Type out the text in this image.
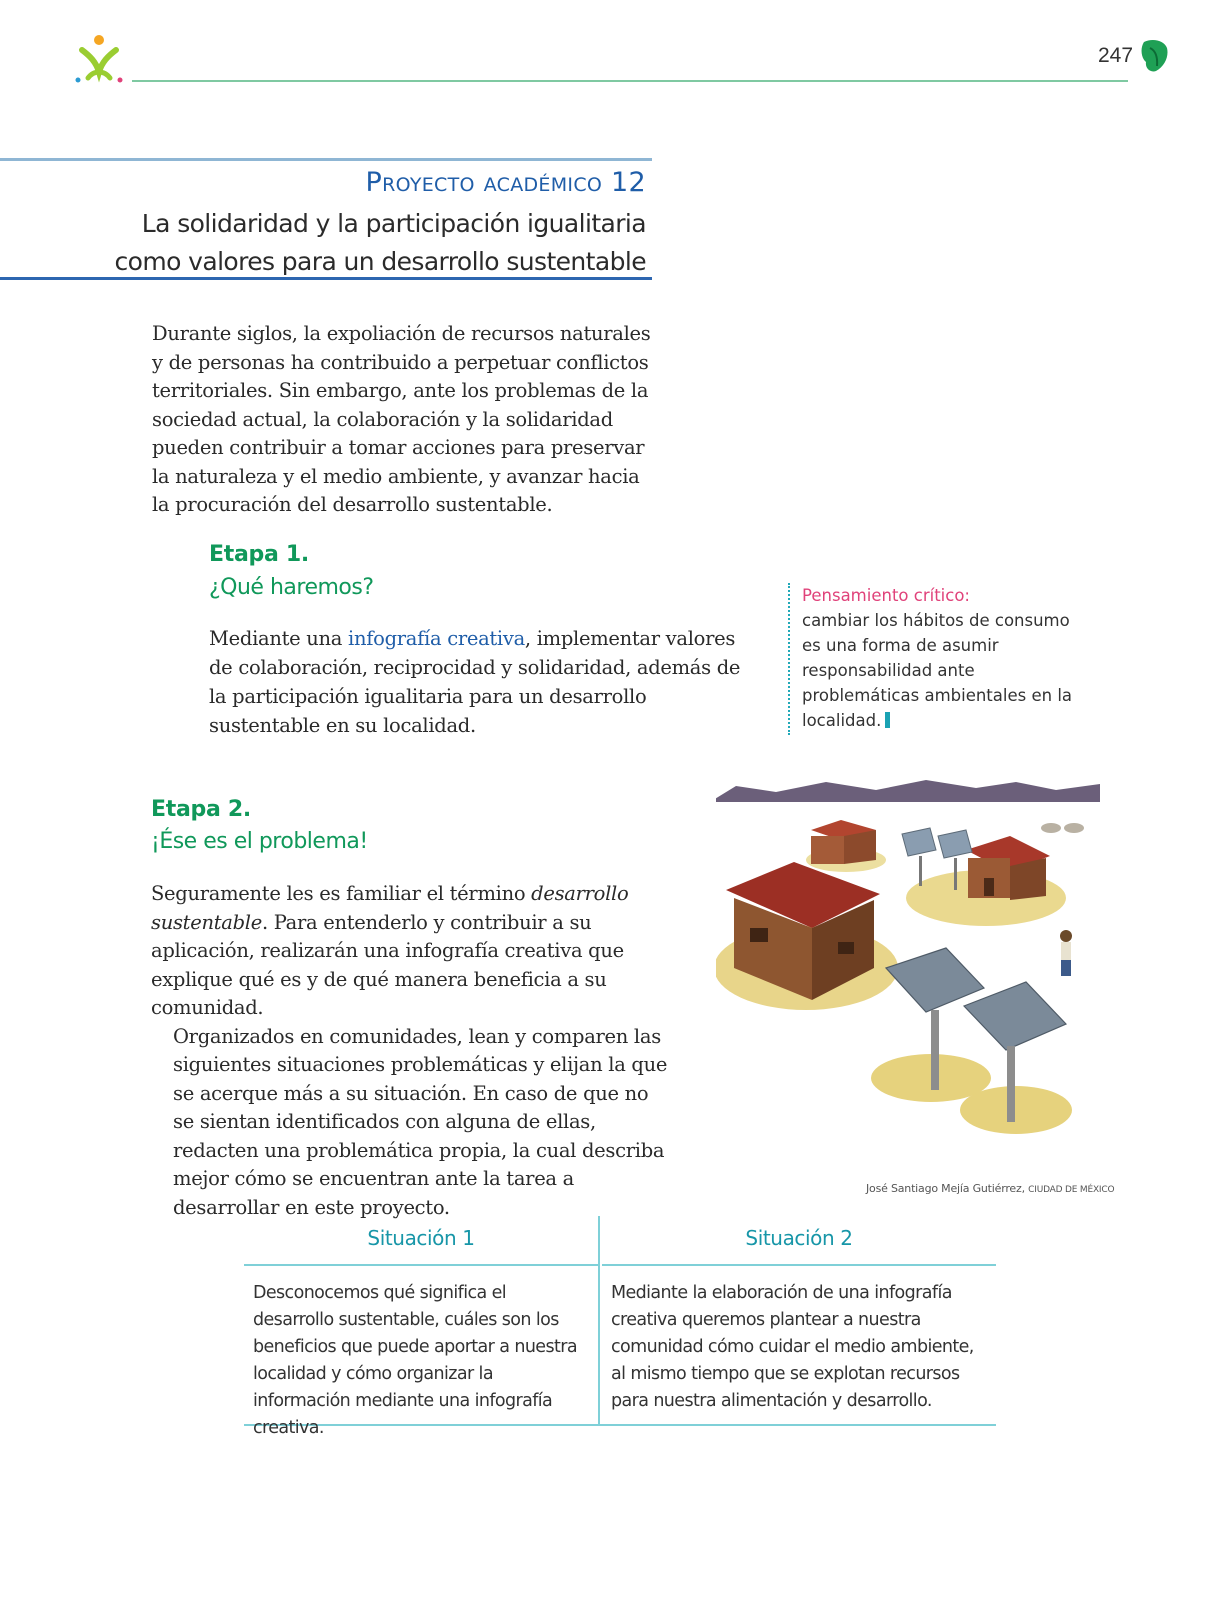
247
Proyecto académico 12
La solidaridad y la participación igualitaria
como valores para un desarrollo sustentable

Durante siglos, la expoliación de recursos naturales y de personas ha contribuido a perpetuar conflictos territoriales. Sin embargo, ante los problemas de la sociedad actual, la colaboración y la solidaridad pueden contribuir a tomar acciones para preservar la naturaleza y el medio ambiente, y avanzar hacia la procuración del desarrollo sustentable.

Etapa 1.
¿Qué haremos?

Mediante una infografía creativa, implementar valores de colaboración, reciprocidad y solidaridad, además de la participación igualitaria para un desarrollo sustentable en su localidad.

Pensamiento crítico:
cambiar los hábitos de consumo es una forma de asumir responsabilidad ante problemáticas ambientales en la localidad.
Etapa 2.
¡Ése es el problema!

Seguramente les es familiar el término desarrollo sustentable. Para entenderlo y contribuir a su aplicación, realizarán una infografía creativa que explique qué es y de qué manera beneficia a su comunidad.

Organizados en comunidades, lean y comparen las siguientes situaciones problemáticas y elijan la que se acerque más a su situación. En caso de que no se sientan identificados con alguna de ellas, redacten una problemática propia, la cual describa mejor cómo se encuentran ante la tarea a desarrollar en este proyecto.

José Santiago Mejía Gutiérrez, CIUDAD DE MÉXICO
Situación 1
Desconocemos qué significa el desarrollo sustentable, cuáles son los beneficios que puede aportar a nuestra localidad y cómo organizar la información mediante una infografía creativa.
Situación 2
Mediante la elaboración de una infografía creativa queremos plantear a nuestra comunidad cómo cuidar el medio ambiente, al mismo tiempo que se explotan recursos para nuestra alimentación y desarrollo.
